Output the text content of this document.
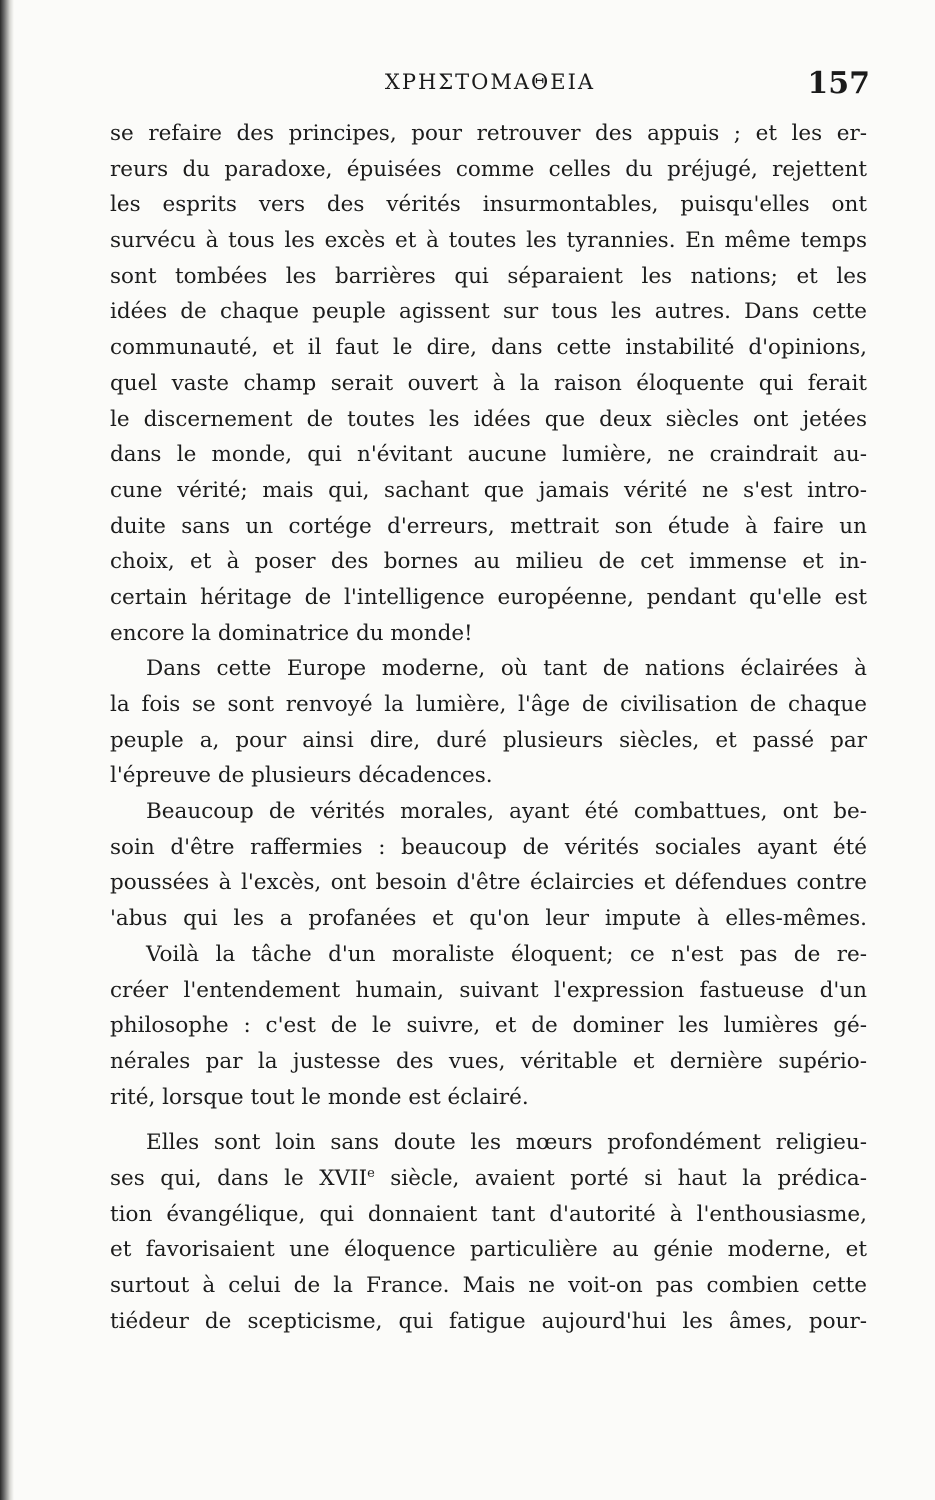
ΧΡΗΣΤΟΜΑΘΕΙΑ	157
se refaire des principes, pour retrouver des appuis ; et les er-
reurs du paradoxe, épuisées comme celles du préjugé, rejettent
les esprits vers des vérités insurmontables, puisqu'elles ont
survécu à tous les excès et à toutes les tyrannies. En même temps
sont tombées les barrières qui séparaient les nations; et les
idées de chaque peuple agissent sur tous les autres. Dans cette
communauté, et il faut le dire, dans cette instabilité d'opinions,
quel vaste champ serait ouvert à la raison éloquente qui ferait
le discernement de toutes les idées que deux siècles ont jetées
dans le monde, qui n'évitant aucune lumière, ne craindrait au-
cune vérité; mais qui, sachant que jamais vérité ne s'est intro-
duite sans un cortége d'erreurs, mettrait son étude à faire un
choix, et à poser des bornes au milieu de cet immense et in-
certain héritage de l'intelligence européenne, pendant qu'elle est
encore la dominatrice du monde!
Dans cette Europe moderne, où tant de nations éclairées à
la fois se sont renvoyé la lumière, l'âge de civilisation de chaque
peuple a, pour ainsi dire, duré plusieurs siècles, et passé par
l'épreuve de plusieurs décadences.
Beaucoup de vérités morales, ayant été combattues, ont be-
soin d'être raffermies : beaucoup de vérités sociales ayant été
poussées à l'excès, ont besoin d'être éclaircies et défendues contre
'abus qui les a profanées et qu'on leur impute à elles-mêmes.
Voilà la tâche d'un moraliste éloquent; ce n'est pas de re-
créer l'entendement humain, suivant l'expression fastueuse d'un
philosophe : c'est de le suivre, et de dominer les lumières gé-
nérales par la justesse des vues, véritable et dernière supério-
rité, lorsque tout le monde est éclairé.
Elles sont loin sans doute les mœurs profondément religieu-
ses qui, dans le XVIIe siècle, avaient porté si haut la prédica-
tion évangélique, qui donnaient tant d'autorité à l'enthousiasme,
et favorisaient une éloquence particulière au génie moderne, et
surtout à celui de la France. Mais ne voit-on pas combien cette
tiédeur de scepticisme, qui fatigue aujourd'hui les âmes, pour-
